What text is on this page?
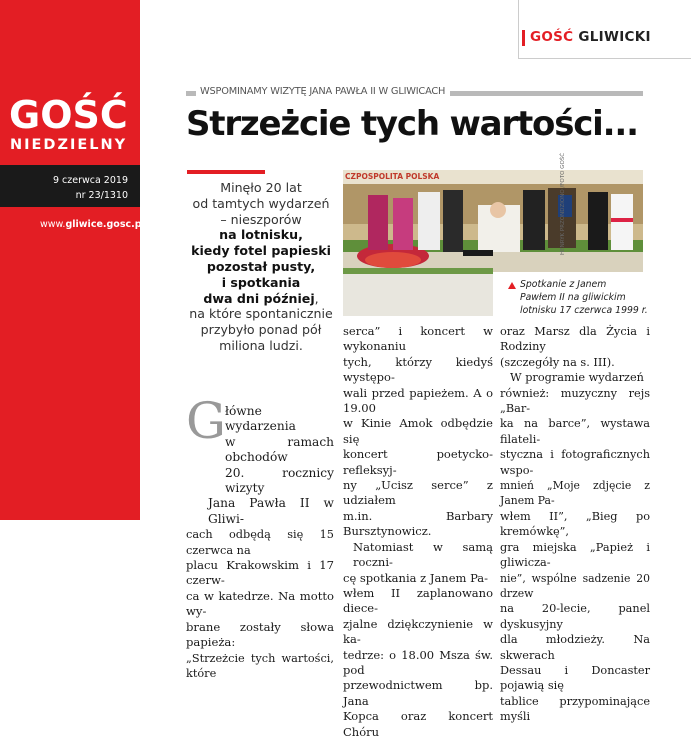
GOŚĆ
NIEDZIELNY
9 czerwca 2019
nr 23/1310
www.gliwice.gosc.pl
GOŚĆ GLIWICKI
WSPOMINAMY WIZYTĘ JANA PAWŁA II W GLIWICACH
Strzeżcie tych wartości...
Minęło 20 lat
od tamtych wydarzeń
– nieszporów
na lotnisku,
kiedy fotel papieski
pozostał pusty,
i spotkania
dwa dni później,
na które spontanicznie
przybyło ponad pół
miliona ludzi.
CZPOSPOLITA POLSKA	HENRYK PRZONDZIONO /FOTO GOŚĆ
Spotkanie z Janem
Pawłem II na gliwickim
lotnisku 17 czerwca 1999 r.
G łówne wydarzenia
w ramach obchodów
20. rocznicy wizyty
Jana Pawła II w Gliwi-
cach odbędą się 15 czerwca na
placu Krakowskim i 17 czerw-
ca w katedrze. Na motto wy-
brane zostały słowa papieża:
„Strzeżcie tych wartości, które
serca” i koncert w wykonaniu
tych, którzy kiedyś występo-
wali przed papieżem. A o 19.00
w Kinie Amok odbędzie się
koncert poetycko-refleksyj-
ny „Ucisz serce” z udziałem
m.in. Barbary Bursztynowicz.
Natomiast w samą roczni-
cę spotkania z Janem Pa-
włem II zaplanowano diece-
zjalne dziękczynienie w ka-
tedrze: o 18.00 Msza św. pod
przewodnictwem bp. Jana
Kopca oraz koncert Chóru
oraz Marsz dla Życia i Rodziny
(szczegóły na s. III).
W programie wydarzeń
również: muzyczny rejs „Bar-
ka na barce”, wystawa filateli-
styczna i fotograficznych wspo-
mnień „Moje zdjęcie z Janem Pa-
włem II”, „Bieg po kremówkę”,
gra miejska „Papież i gliwicza-
nie”, wspólne sadzenie 20 drzew
na 20-lecie, panel dyskusyjny
dla młodzieży. Na skwerach
Dessau i Doncaster pojawią się
tablice przypominające myśli
